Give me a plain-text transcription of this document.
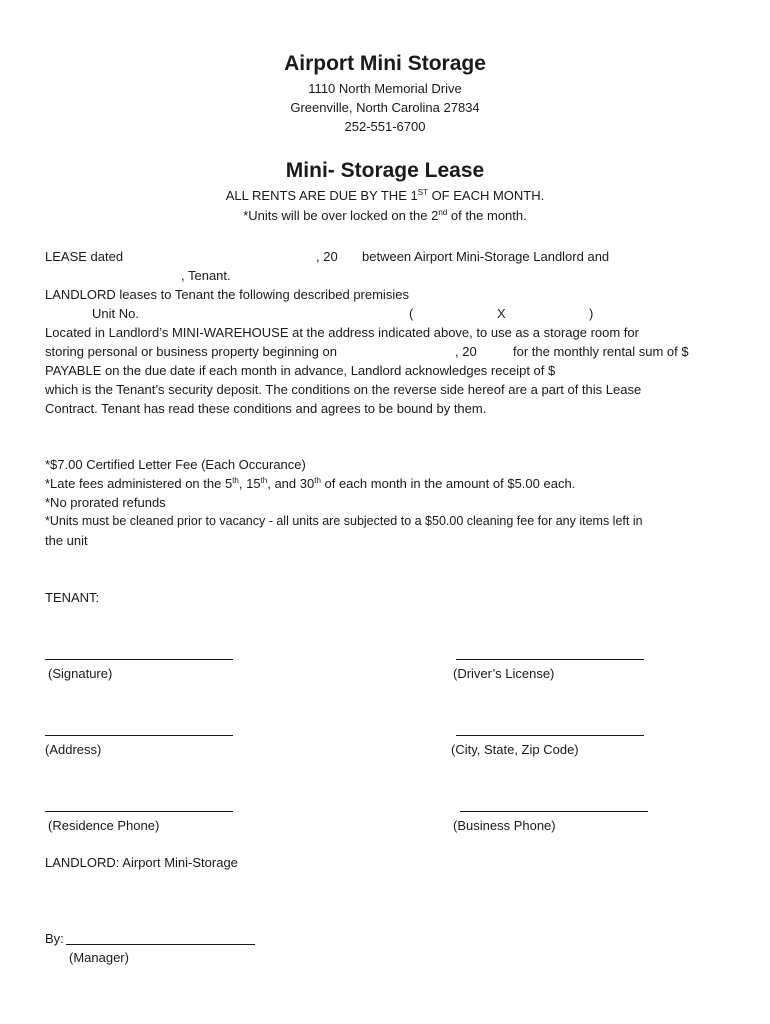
Airport Mini Storage
1110 North Memorial Drive
Greenville, North Carolina 27834
252-551-6700
Mini- Storage Lease
ALL RENTS ARE DUE BY THE 1ST OF EACH MONTH.
*Units will be over locked on the 2nd of the month.
LEASE dated	, 20 between Airport Mini-Storage Landlord and
, Tenant.
LANDLORD leases to Tenant the following described premisies
Unit No.	(	X	)
Located in Landlord’s MINI-WAREHOUSE at the address indicated above, to use as a storage room for
storing personal or business property beginning on	, 20	for the monthly rental sum of $
PAYABLE on the due date if each month in advance, Landlord acknowledges receipt of $
which is the Tenant’s security deposit. The conditions on the reverse side hereof are a part of this Lease
Contract. Tenant has read these conditions and agrees to be bound by them.
*$7.00 Certified Letter Fee (Each Occurance)
*Late fees administered on the 5th, 15th, and 30th of each month in the amount of $5.00 each.
*No prorated refunds
*Units must be cleaned prior to vacancy - all units are subjected to a $50.00 cleaning fee for any items left in
the unit
TENANT:
(Signature)	(Driver’s License)
(Address)	(City, State, Zip Code)
(Residence Phone)	(Business Phone)
LANDLORD: Airport Mini-Storage
By:
(Manager)
